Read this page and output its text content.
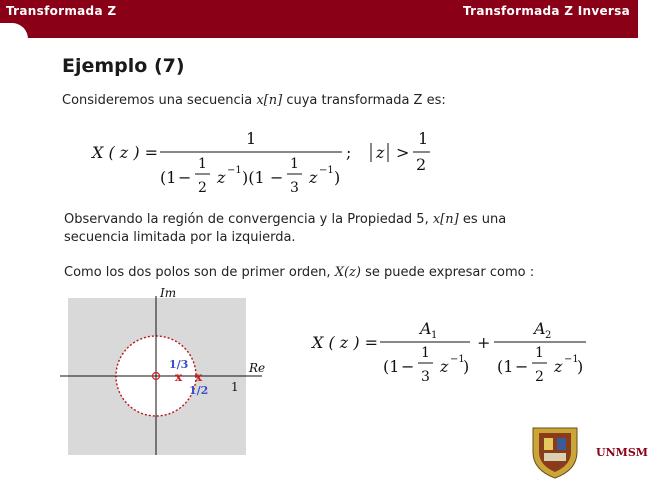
Transformada Z	Transformada Z Inversa
Ejemplo (7)
Consideremos una secuencia x[n] cuya transformada Z es:
X ( z ) =
1
(1 −
1
2
z −1 )(1 −
1
3
z −1 )
; z >
1
2
X ( z ) =
A 1
(1 −
1
3
z −1
)
+
A 2
(1 −
1
2
z −1
)
x x
1/3
1/2
Im
Re
1
Observando la región de convergencia y la Propiedad 5, x[n] es una
secuencia limitada por la izquierda.
Como los dos polos son de primer orden, X(z) se puede expresar como :
UNMSM
